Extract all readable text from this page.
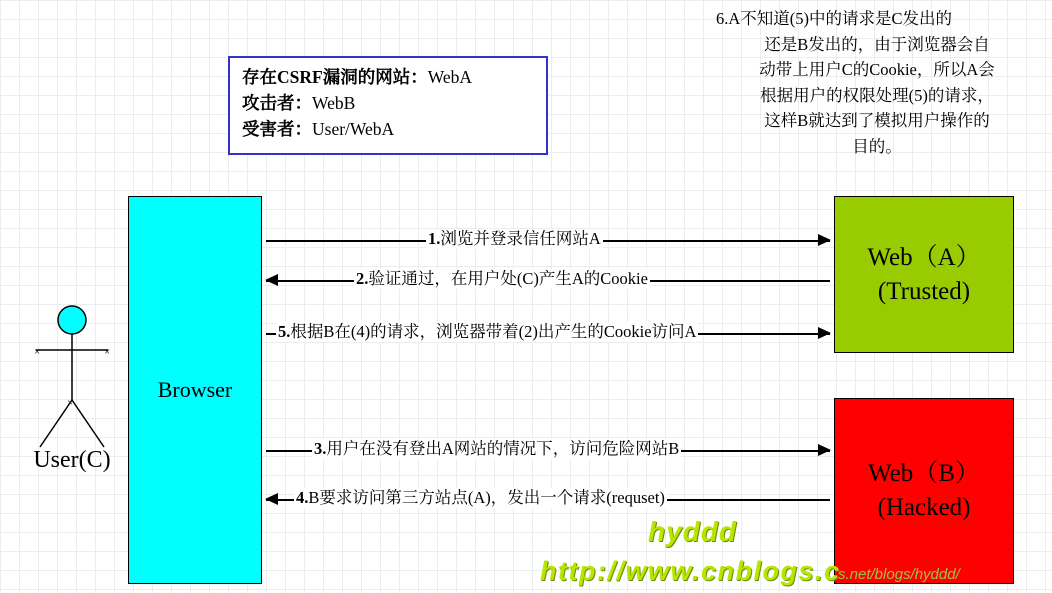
存在CSRF漏洞的网站：WebA
攻击者：WebB
受害者：User/WebA
6.A不知道(5)中的请求是C发出的
还是B发出的，由于浏览器会自
动带上用户C的Cookie，所以A会
根据用户的权限处理(5)的请求，
这样B就达到了模拟用户操作的
目的。
Browser
Web（A）
(Trusted)
Web（B）
(Hacked)
×	×
×
User(C)
1.浏览并登录信任网站A
2.验证通过，在用户处(C)产生A的Cookie
5.根据B在(4)的请求，浏览器带着(2)出产生的Cookie访问A
3.用户在没有登出A网站的情况下，访问危险网站B
4.B要求访问第三方站点(A)，发出一个请求(requset)
hyddd
http://www.cnblogs.c
s.net/blogs/hyddd/
